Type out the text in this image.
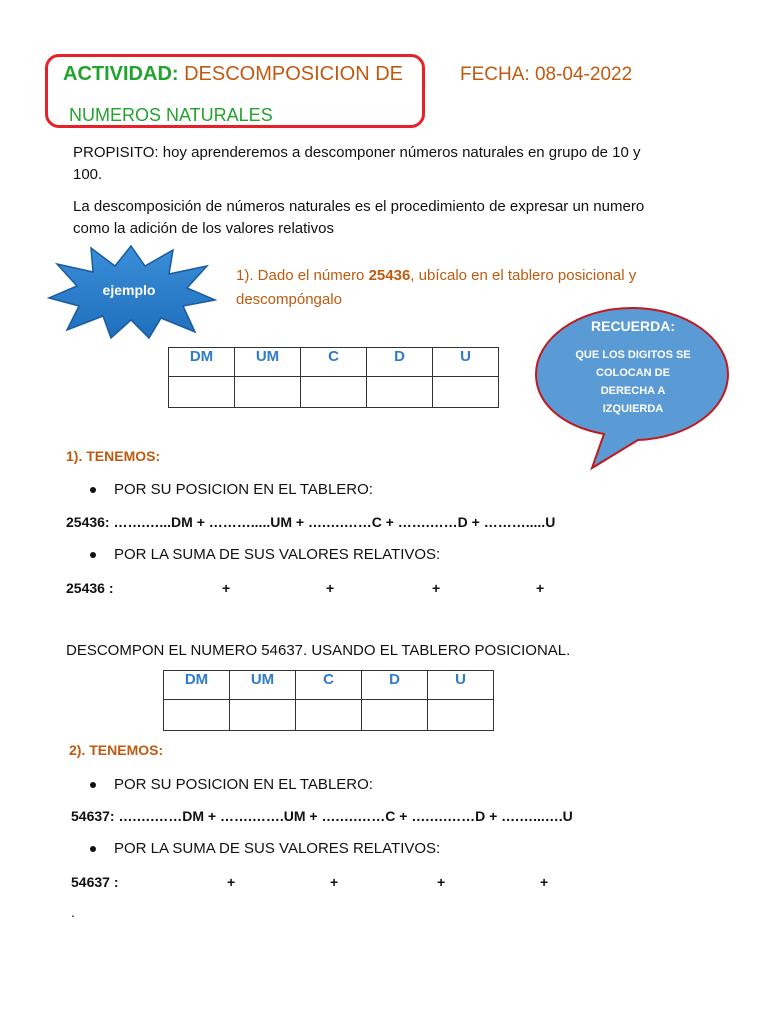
ACTIVIDAD: DESCOMPOSICION DE
NUMEROS NATURALES
FECHA: 08-04-2022
PROPISITO: hoy aprenderemos a descomponer números naturales en grupo de 10 y
100.
La descomposición de números naturales es el procedimiento de expresar un numero
como la adición de los valores relativos
ejemplo
1). Dado el número 25436, ubícalo en el tablero posicional y
descompóngalo
RECUERDA:
QUE LOS DIGITOS SE
COLOCAN DE
DERECHA A
IZQUIERDA
DM	UM	C	D	U

1). TENEMOS:
POR SU POSICION EN EL TABLERO:
25436: …….…...DM + ……….....UM + ….….……C + …….……D + ……….....U
POR LA SUMA DE SUS VALORES RELATIVOS:
25436 :	+	+	+	+
DESCOMPON EL NUMERO 54637. USANDO EL TABLERO POSICIONAL.
DM	UM	C	D	U

2). TENEMOS:
POR SU POSICION EN EL TABLERO:
54637: ….….……DM + …….…….UM + ….….……C + ….….……D + ….…...….U
POR LA SUMA DE SUS VALORES RELATIVOS:
54637 :	+	+	+	+
.
